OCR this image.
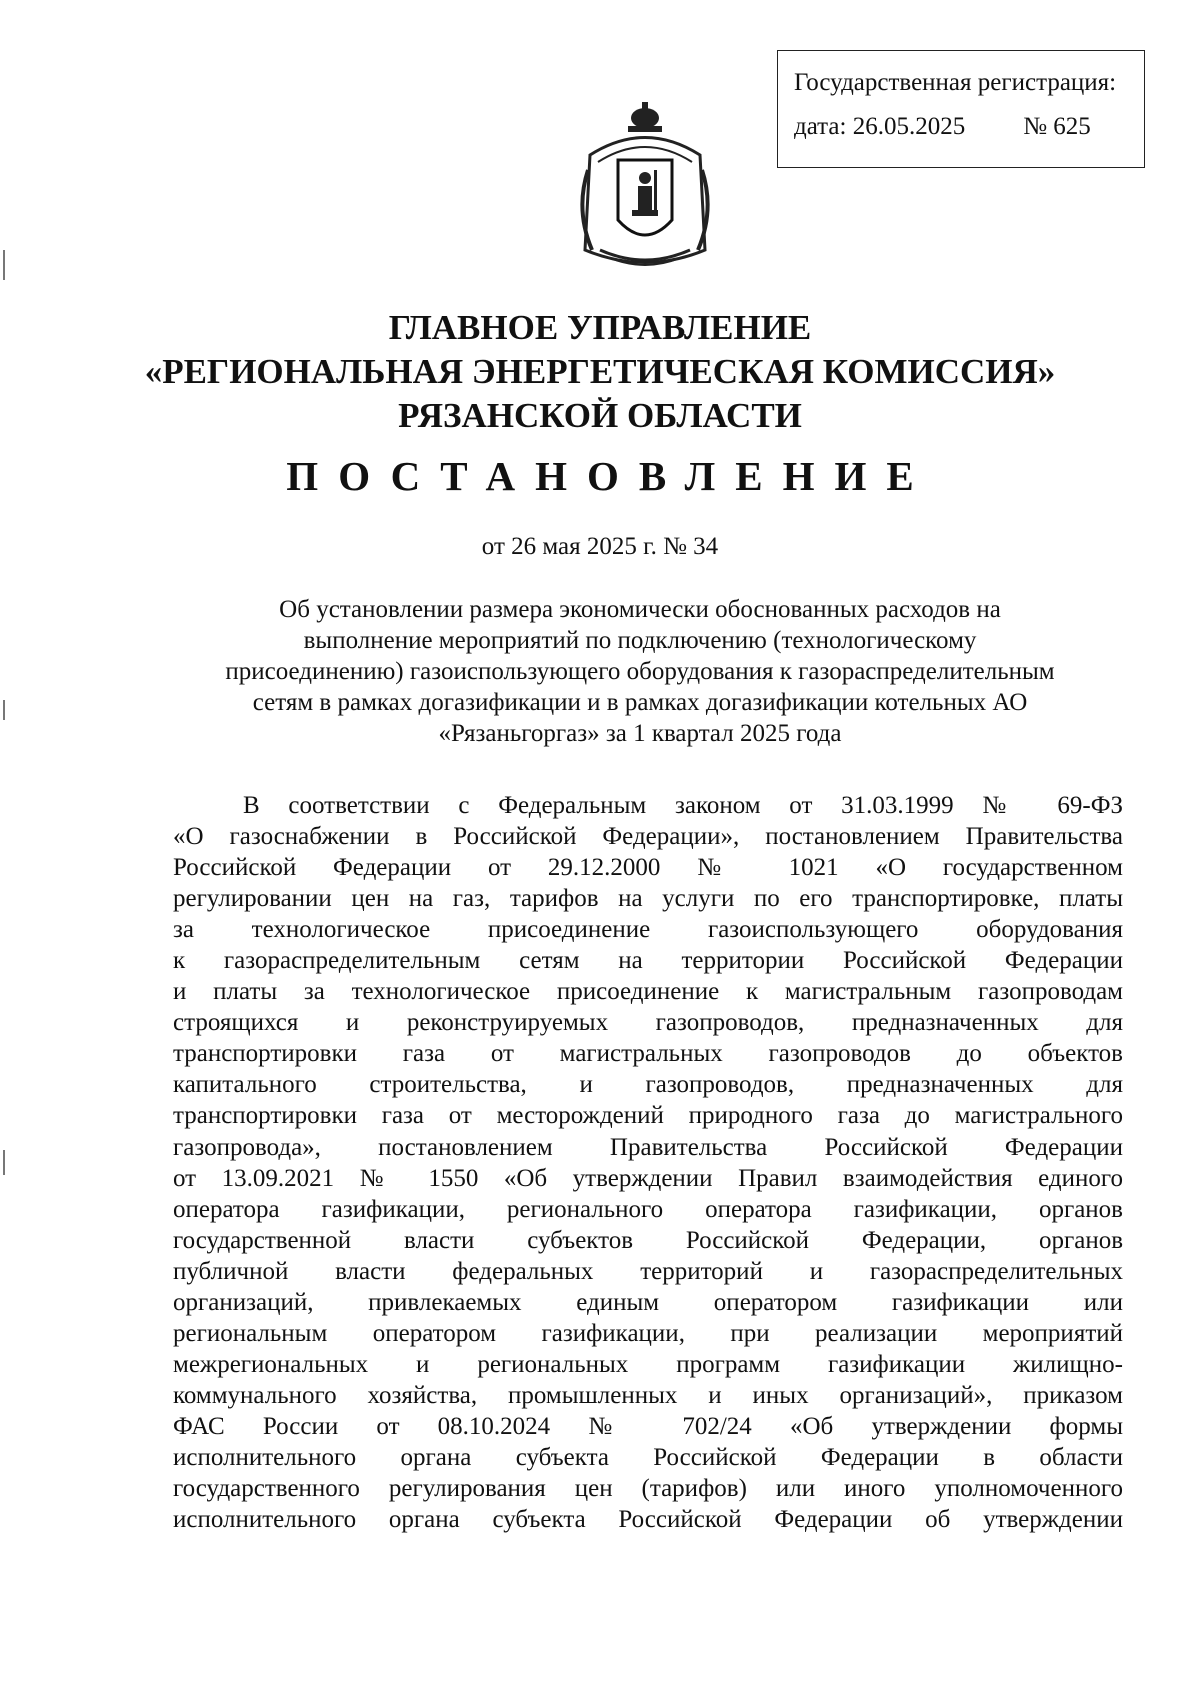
Государственная регистрация:
дата: 26.05.2025 № 625
ГЛАВНОЕ УПРАВЛЕНИЕ
«РЕГИОНАЛЬНАЯ ЭНЕРГЕТИЧЕСКАЯ КОМИССИЯ»
РЯЗАНСКОЙ ОБЛАСТИ
ПОСТАНОВЛЕНИЕ
от 26 мая 2025 г. № 34
Об установлении размера экономически обоснованных расходов на
выполнение мероприятий по подключению (технологическому
присоединению) газоиспользующего оборудования к газораспределительным
сетям в рамках догазификации и в рамках догазификации котельных АО
«Рязаньгоргаз» за 1 квартал 2025 года
В соответствии с Федеральным законом от 31.03.1999 № 69-ФЗ
«О газоснабжении в Российской Федерации», постановлением Правительства
Российской Федерации от 29.12.2000 № 1021 «О государственном
регулировании цен на газ, тарифов на услуги по его транспортировке, платы
за технологическое присоединение газоиспользующего оборудования
к газораспределительным сетям на территории Российской Федерации
и платы за технологическое присоединение к магистральным газопроводам
строящихся и реконструируемых газопроводов, предназначенных для
транспортировки газа от магистральных газопроводов до объектов
капитального строительства, и газопроводов, предназначенных для
транспортировки газа от месторождений природного газа до магистрального
газопровода», постановлением Правительства Российской Федерации
от 13.09.2021 № 1550 «Об утверждении Правил взаимодействия единого
оператора газификации, регионального оператора газификации, органов
государственной власти субъектов Российской Федерации, органов
публичной власти федеральных территорий и газораспределительных
организаций, привлекаемых единым оператором газификации или
региональным оператором газификации, при реализации мероприятий
межрегиональных и региональных программ газификации жилищно-
коммунального хозяйства, промышленных и иных организаций», приказом
ФАС России от 08.10.2024 № 702/24 «Об утверждении формы
исполнительного органа субъекта Российской Федерации в области
государственного регулирования цен (тарифов) или иного уполномоченного
исполнительного органа субъекта Российской Федерации об утверждении
